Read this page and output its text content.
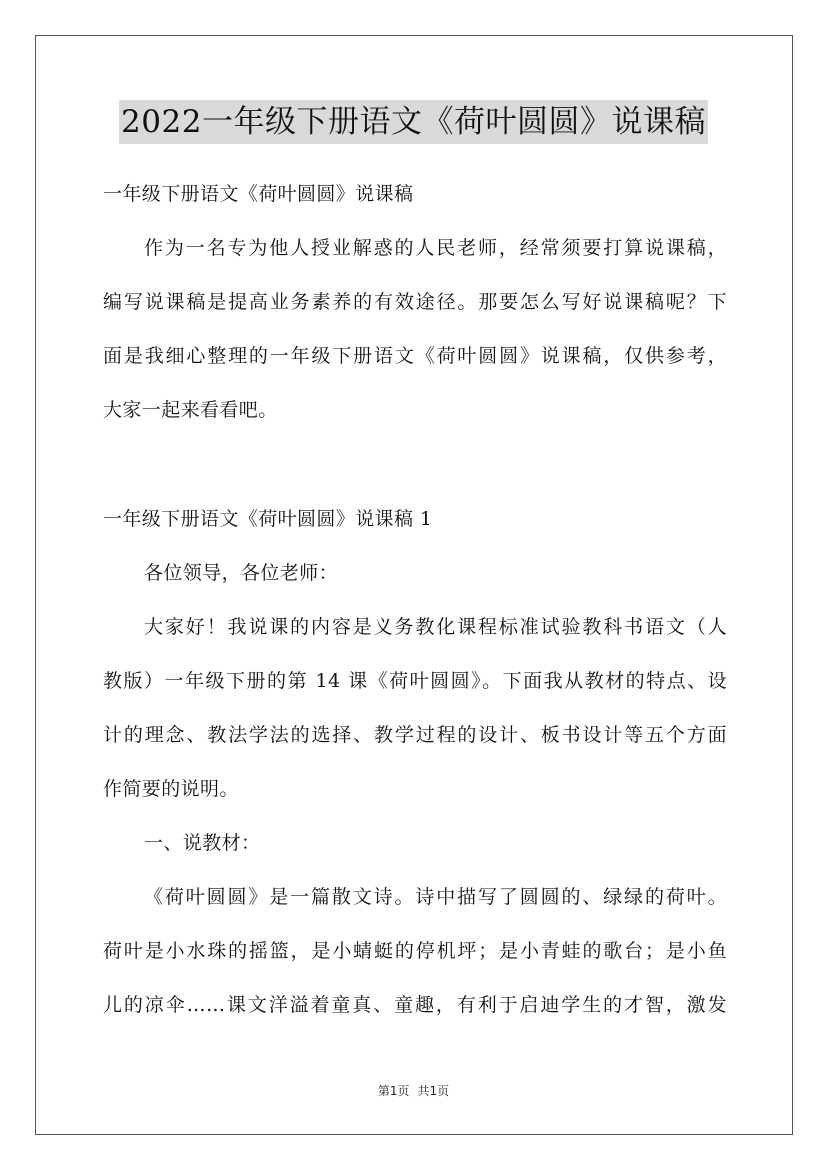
2022一年级下册语文《荷叶圆圆》说课稿
一年级下册语文《荷叶圆圆》说课稿
作为一名专为他人授业解惑的人民老师，经常须要打算说课稿，
编写说课稿是提高业务素养的有效途径。那要怎么写好说课稿呢？下
面是我细心整理的一年级下册语文《荷叶圆圆》说课稿，仅供参考，
大家一起来看看吧。
一年级下册语文《荷叶圆圆》说课稿 1
各位领导，各位老师：
大家好！我说课的内容是义务教化课程标准试验教科书语文（人
教版）一年级下册的第 14 课《荷叶圆圆》。下面我从教材的特点、设
计的理念、教法学法的选择、教学过程的设计、板书设计等五个方面
作简要的说明。
一、说教材：
《荷叶圆圆》是一篇散文诗。诗中描写了圆圆的、绿绿的荷叶。
荷叶是小水珠的摇篮，是小蜻蜓的停机坪；是小青蛙的歌台；是小鱼
儿的凉伞……课文洋溢着童真、童趣，有利于启迪学生的才智，激发
第1页 共1页
